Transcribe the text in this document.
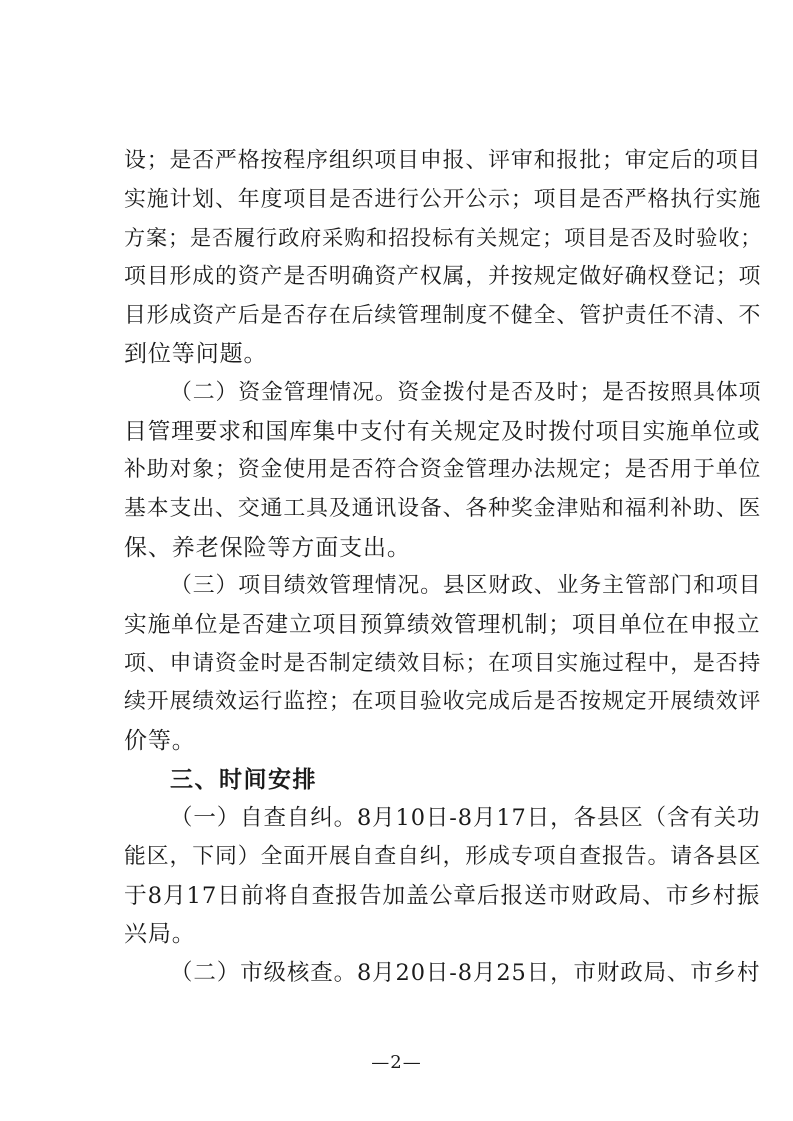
设；是否严格按程序组织项目申报、评审和报批；审定后的项目
实施计划、年度项目是否进行公开公示；项目是否严格执行实施
方案；是否履行政府采购和招投标有关规定；项目是否及时验收；
项目形成的资产是否明确资产权属，并按规定做好确权登记；项
目形成资产后是否存在后续管理制度不健全、管护责任不清、不
到位等问题。
（二）资金管理情况。资金拨付是否及时；是否按照具体项
目管理要求和国库集中支付有关规定及时拨付项目实施单位或
补助对象；资金使用是否符合资金管理办法规定；是否用于单位
基本支出、交通工具及通讯设备、各种奖金津贴和福利补助、医
保、养老保险等方面支出。
（三）项目绩效管理情况。县区财政、业务主管部门和项目
实施单位是否建立项目预算绩效管理机制；项目单位在申报立
项、申请资金时是否制定绩效目标；在项目实施过程中，是否持
续开展绩效运行监控；在项目验收完成后是否按规定开展绩效评
价等。
三、时间安排
（一）自查自纠。8月10日-8月17日，各县区（含有关功
能区，下同）全面开展自查自纠，形成专项自查报告。请各县区
于8月17日前将自查报告加盖公章后报送市财政局、市乡村振
兴局。
（二）市级核查。8月20日-8月25日，市财政局、市乡村
—2—
